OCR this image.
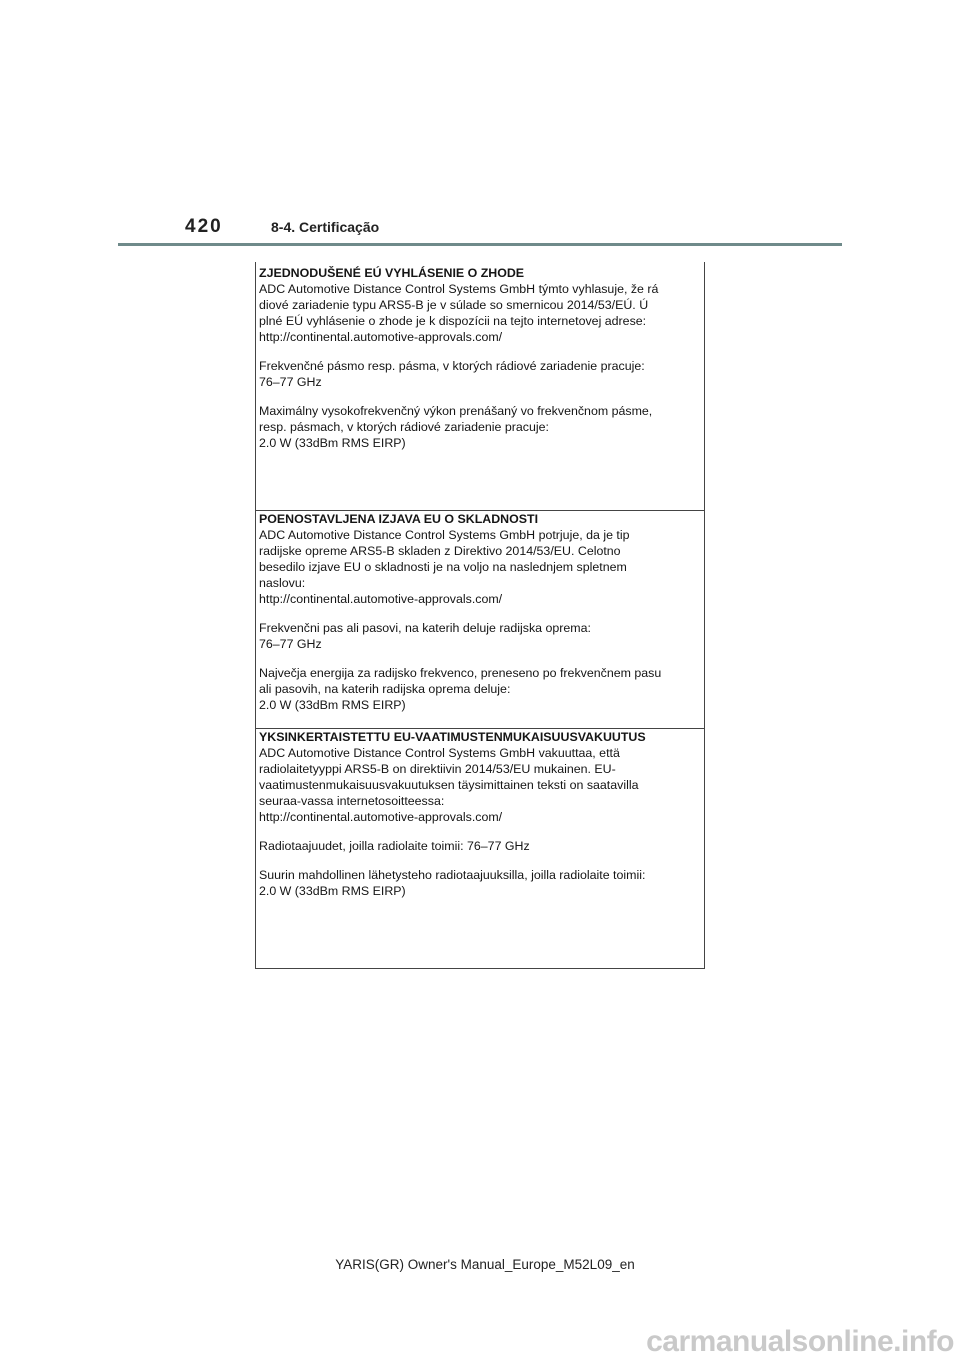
420	8-4. Certificação

ZJEDNODUŠENÉ EÚ VYHLÁSENIE O ZHODE

ADC Automotive Distance Control Systems GmbH týmto vyhlasuje, že rá

diové zariadenie typu ARS5-B je v súlade so smernicou 2014/53/EÚ. Ú

plné EÚ vyhlásenie o zhode je k dispozícii na tejto internetovej adrese:

http://continental.automotive-approvals.com/

Frekvenčné pásmo resp. pásma, v ktorých rádiové zariadenie pracuje:

76–77 GHz

Maximálny vysokofrekvenčný výkon prenášaný vo frekvenčnom pásme,

resp. pásmach, v ktorých rádiové zariadenie pracuje:

2.0 W (33dBm RMS EIRP)

POENOSTAVLJENA IZJAVA EU O SKLADNOSTI

ADC Automotive Distance Control Systems GmbH potrjuje, da je tip

radijske opreme ARS5-B skladen z Direktivo 2014/53/EU. Celotno

besedilo izjave EU o skladnosti je na voljo na naslednjem spletnem

naslovu:

http://continental.automotive-approvals.com/

Frekvenčni pas ali pasovi, na katerih deluje radijska oprema:

76–77 GHz

Največja energija za radijsko frekvenco, preneseno po frekvenčnem pasu

ali pasovih, na katerih radijska oprema deluje:

2.0 W (33dBm RMS EIRP)

YKSINKERTAISTETTU EU-VAATIMUSTENMUKAISUUSVAKUUTUS

ADC Automotive Distance Control Systems GmbH vakuuttaa, että

radiolaitetyyppi ARS5-B on direktiivin 2014/53/EU mukainen. EU-

vaatimustenmukaisuusvakuutuksen täysimittainen teksti on saatavilla

seuraa-vassa internetosoitteessa:

http://continental.automotive-approvals.com/

Radiotaajuudet, joilla radiolaite toimii: 76–77 GHz

Suurin mahdollinen lähetysteho radiotaajuuksilla, joilla radiolaite toimii:

2.0 W (33dBm RMS EIRP)

YARIS(GR) Owner's Manual_Europe_M52L09_en
carmanualsonline.info
